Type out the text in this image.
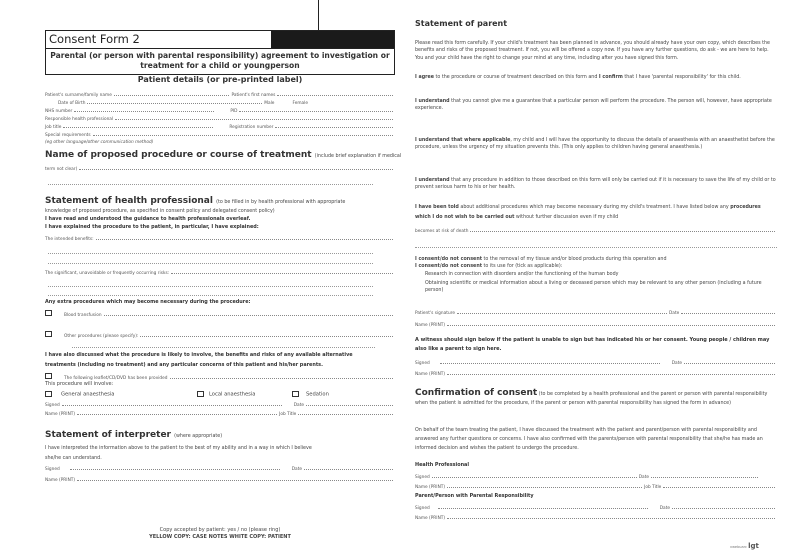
Consent Form 2
Parental (or person with parental responsibility) agreement to investigation or
treatment for a child or youngperson
Patient details (or pre-printed label)
Patient's surname/family name	Patient's first names
Date of Birth	Male	Female
NHS number	PID
Responsible health professional
Job title	Registration number
Special requirements
(eg other language/other communication method)
Name of proposed procedure or course of treatment (include brief explanation if medical
term not clear)
Statement of health professional (to be filled in by health professional with appropriate
knowledge of proposed procedure, as specified in consent policy and delegated consent policy)
I have read and understood the guidance to health professionals overleaf.
I have explained the procedure to the patient, in particular, I have explained:
The intended benefits:
The significant, unavoidable or frequently occurring risks:
Any extra procedures which may become necessary during the procedure:
Blood transfusion
Other procedures (please specify):
I have also discussed what the procedure is likely to involve, the benefits and risks of any available alternative
treatments (including no treatment) and any particular concerns of this patient and his/her parents.
The following leaflet/CD/DVD has been provided
This procedure will involve:
General anaesthesia	Local anaesthesia	Sedation
Signed	Date
Name (PRINT)	Job Title
Statement of interpreter (where appropriate)
I have interpreted the information above to the patient to the best of my ability and in a way in which I believe
she/he can understand.
Signed	Date
Name (PRINT)
Copy accepted by patient: yes / no (please ring)
YELLOW COPY: CASE NOTES WHITE COPY: PATIENT
Statement of parent
Please read this form carefully. If your child's treatment has been planned in advance, you should already have your own copy, which describes the benefits and risks of the proposed treatment. If not, you will be offered a copy now. If you have any further questions, do ask - we are here to help. You and your child have the right to change your mind at any time, including after you have signed this form.
I agree to the procedure or course of treatment described on this form and I confirm that I have 'parental responsibility' for this child.
I understand that you cannot give me a guarantee that a particular person will perform the procedure. The person will, however, have appropriate experience.
I understand that where applicable, my child and I will have the opportunity to discuss the details of anaesthesia with an anaesthetist before the procedure, unless the urgency of my situation prevents this. (This only applies to children having general anaesthesia.)
I understand that any procedure in addition to those described on this form will only be carried out if it is necessary to save the life of my child or to prevent serious harm to his or her health.
I have been told about additional procedures which may become necessary during my child's treatment. I have listed below any procedures which I do not wish to be carried out without further discussion even if my child
becomes at risk of death
I consent/do not consent to the removal of my tissue and/or blood products during this operation and
I consent/do not consent to its use for (tick as applicable):
Research in connection with disorders and/or the functioning of the human body
Obtaining scientific or medical information about a living or deceased person which may be relevant to any other person (including a future person)
Patient's signature	Date
Name (PRINT)
A witness should sign below if the patient is unable to sign but has indicated his or her consent. Young people / children may also like a parent to sign here.
Signed	Date
Name (PRINT)
Confirmation of consent (to be completed by a health professional and the parent or person with parental responsibility when the patient is admitted for the procedure, if the parent or person with parental responsibility has signed the form in advance)
On behalf of the team treating the patient, I have discussed the treatment with the patient and parent/person with parental responsibility and answered any further questions or concerns. I have also confirmed with the parents/person with parental responsibility that she/he has made an informed decision and wishes the patient to undergo the procedure.
Health Professional
Signed	Date
Name (PRINT)	Job Title
Parent/Person with Parental Responsibility
Signed	Date
Name (PRINT)
vwebuarc lgt
